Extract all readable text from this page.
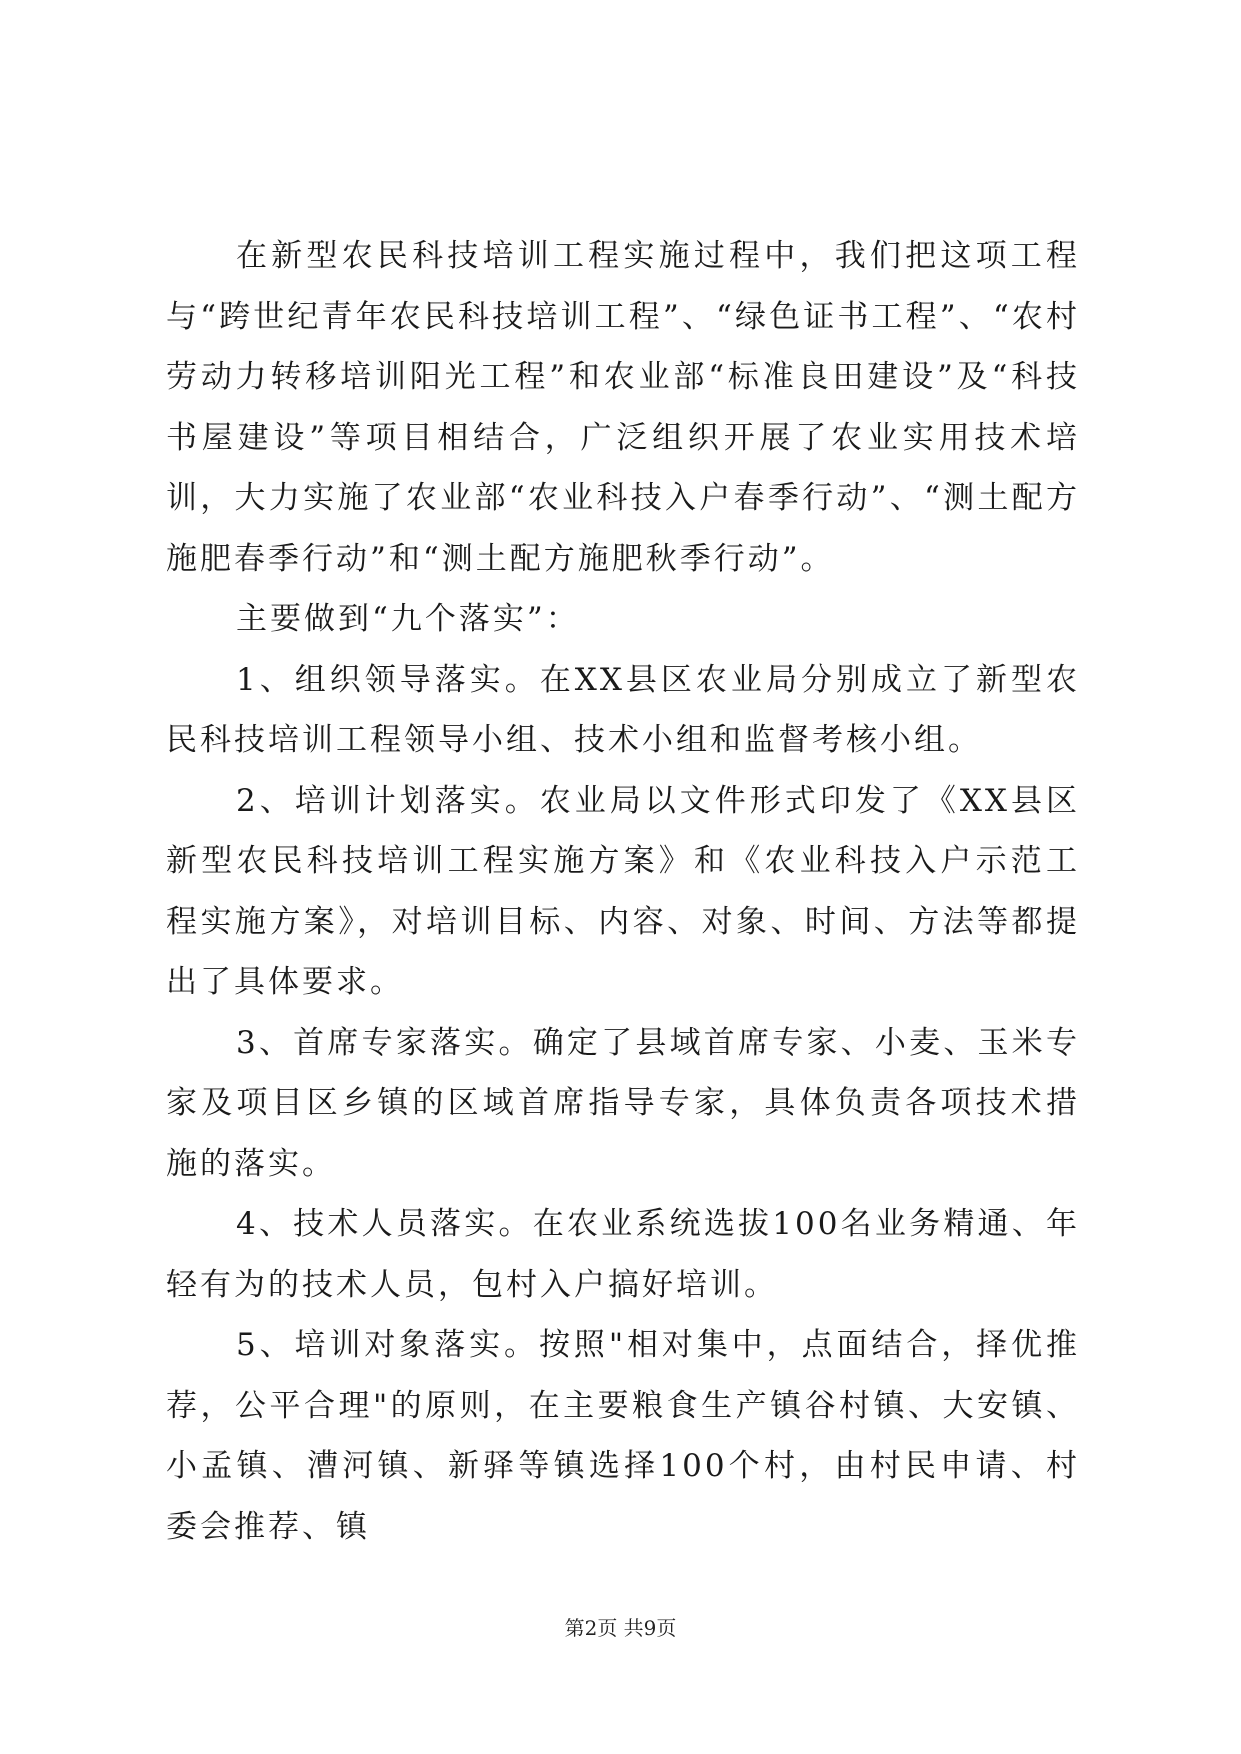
在新型农民科技培训工程实施过程中，我们把这项工程与“跨世纪青年农民科技培训工程”、“绿色证书工程”、“农村劳动力转移培训阳光工程”和农业部“标准良田建设”及“科技书屋建设”等项目相结合，广泛组织开展了农业实用技术培训，大力实施了农业部“农业科技入户春季行动”、“测土配方施肥春季行动”和“测土配方施肥秋季行动”。

主要做到“九个落实”：

1、组织领导落实。在XX县区农业局分别成立了新型农民科技培训工程领导小组、技术小组和监督考核小组。

2、培训计划落实。农业局以文件形式印发了《XX县区新型农民科技培训工程实施方案》和《农业科技入户示范工程实施方案》，对培训目标、内容、对象、时间、方法等都提出了具体要求。

3、首席专家落实。确定了县域首席专家、小麦、玉米专家及项目区乡镇的区域首席指导专家，具体负责各项技术措施的落实。

4、技术人员落实。在农业系统选拔100名业务精通、年轻有为的技术人员，包村入户搞好培训。

5、培训对象落实。按照"相对集中，点面结合，择优推荐，公平合理"的原则，在主要粮食生产镇谷村镇、大安镇、小孟镇、漕河镇、新驿等镇选择100个村，由村民申请、村委会推荐、镇

第2页 共9页
